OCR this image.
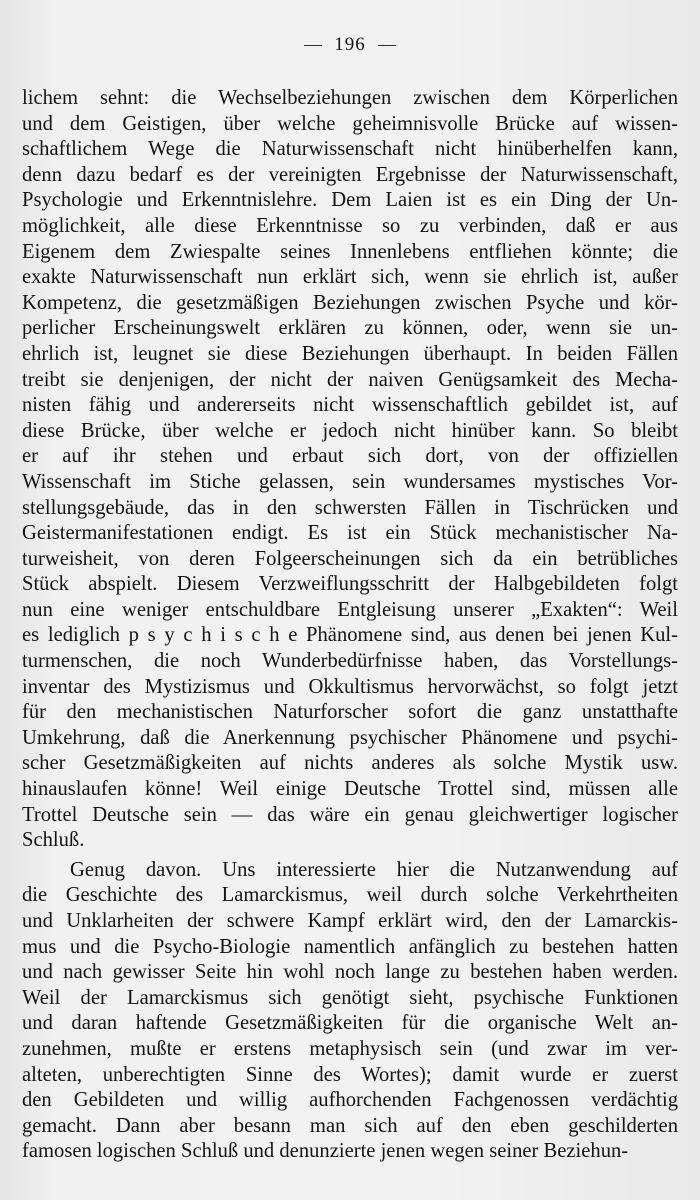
196
lichem sehnt: die Wechselbeziehungen zwischen dem Körperlichen
und dem Geistigen, über welche geheimnisvolle Brücke auf wissen-
schaftlichem Wege die Naturwissenschaft nicht hinüberhelfen kann,
denn dazu bedarf es der vereinigten Ergebnisse der Naturwissenschaft,
Psychologie und Erkenntnislehre. Dem Laien ist es ein Ding der Un-
möglichkeit, alle diese Erkenntnisse so zu verbinden, daß er aus
Eigenem dem Zwiespalte seines Innenlebens entfliehen könnte; die
exakte Naturwissenschaft nun erklärt sich, wenn sie ehrlich ist, außer
Kompetenz, die gesetzmäßigen Beziehungen zwischen Psyche und kör-
perlicher Erscheinungswelt erklären zu können, oder, wenn sie un-
ehrlich ist, leugnet sie diese Beziehungen überhaupt. In beiden Fällen
treibt sie denjenigen, der nicht der naiven Genügsamkeit des Mecha-
nisten fähig und andererseits nicht wissenschaftlich gebildet ist, auf
diese Brücke, über welche er jedoch nicht hinüber kann. So bleibt
er auf ihr stehen und erbaut sich dort, von der offiziellen
Wissenschaft im Stiche gelassen, sein wundersames mystisches Vor-
stellungsgebäude, das in den schwersten Fällen in Tischrücken und
Geistermanifestationen endigt. Es ist ein Stück mechanistischer Na-
turweisheit, von deren Folgeerscheinungen sich da ein betrübliches
Stück abspielt. Diesem Verzweiflungsschritt der Halbgebildeten folgt
nun eine weniger entschuldbare Entgleisung unserer „Exakten“: Weil
es lediglich p s y c h i s c h e Phänomene sind, aus denen bei jenen Kul-
turmenschen, die noch Wunderbedürfnisse haben, das Vorstellungs-
inventar des Mystizismus und Okkultismus hervorwächst, so folgt jetzt
für den mechanistischen Naturforscher sofort die ganz unstatthafte
Umkehrung, daß die Anerkennung psychischer Phänomene und psychi-
scher Gesetzmäßigkeiten auf nichts anderes als solche Mystik usw.
hinauslaufen könne! Weil einige Deutsche Trottel sind, müssen alle
Trottel Deutsche sein — das wäre ein genau gleichwertiger logischer
Schluß.
Genug davon. Uns interessierte hier die Nutzanwendung auf
die Geschichte des Lamarckismus, weil durch solche Verkehrtheiten
und Unklarheiten der schwere Kampf erklärt wird, den der Lamarckis-
mus und die Psycho-Biologie namentlich anfänglich zu bestehen hatten
und nach gewisser Seite hin wohl noch lange zu bestehen haben werden.
Weil der Lamarckismus sich genötigt sieht, psychische Funktionen
und daran haftende Gesetzmäßigkeiten für die organische Welt an-
zunehmen, mußte er erstens metaphysisch sein (und zwar im ver-
alteten, unberechtigten Sinne des Wortes); damit wurde er zuerst
den Gebildeten und willig aufhorchenden Fachgenossen verdächtig
gemacht. Dann aber besann man sich auf den eben geschilderten
famosen logischen Schluß und denunzierte jenen wegen seiner Beziehun-
